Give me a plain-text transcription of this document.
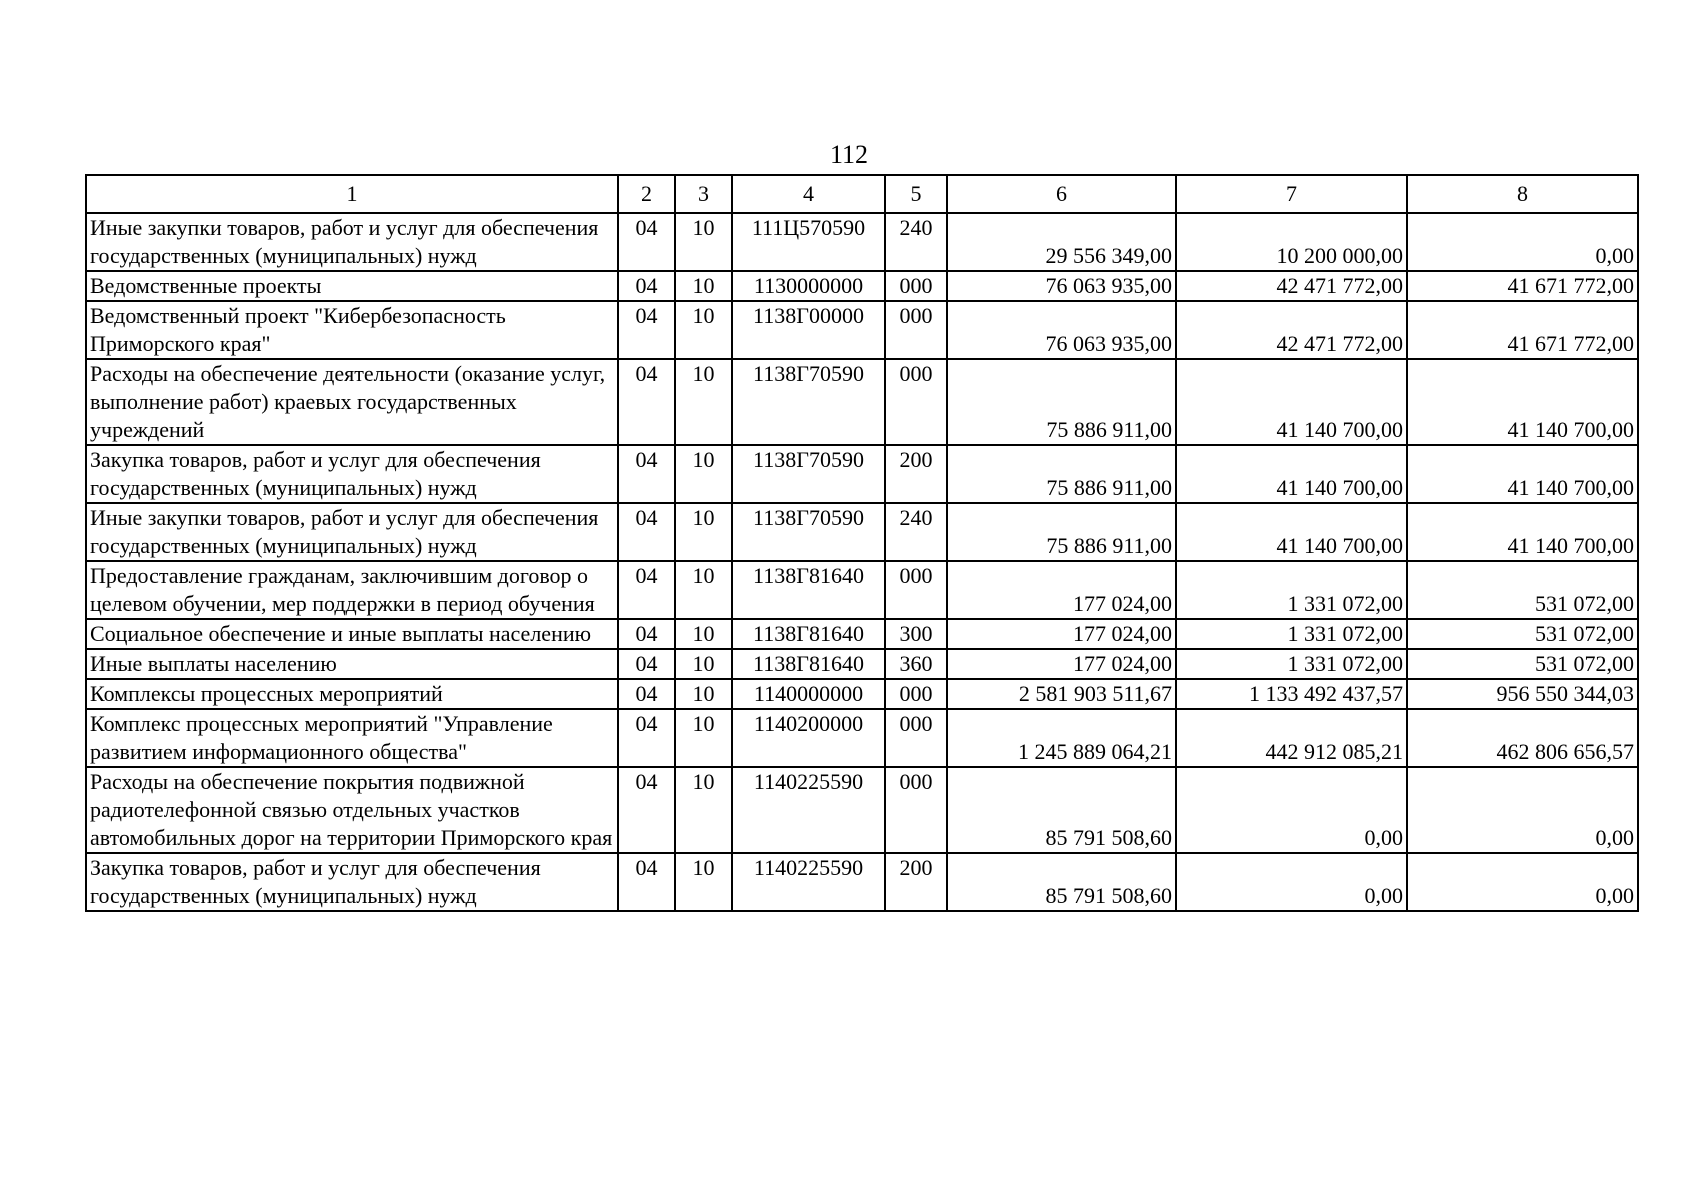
112
1	2	3	4	5	6	7	8
Иные закупки товаров, работ и услуг для обеспечения государственных (муниципальных) нужд	04	10	111Ц570590	240	29 556 349,00	10 200 000,00	0,00
Ведомственные проекты	04	10	1130000000	000	76 063 935,00	42 471 772,00	41 671 772,00
Ведомственный проект "Кибербезопасность Приморского края"	04	10	1138Г00000	000	76 063 935,00	42 471 772,00	41 671 772,00
Расходы на обеспечение деятельности (оказание услуг, выполнение работ) краевых государственных учреждений	04	10	1138Г70590	000	75 886 911,00	41 140 700,00	41 140 700,00
Закупка товаров, работ и услуг для обеспечения государственных (муниципальных) нужд	04	10	1138Г70590	200	75 886 911,00	41 140 700,00	41 140 700,00
Иные закупки товаров, работ и услуг для обеспечения государственных (муниципальных) нужд	04	10	1138Г70590	240	75 886 911,00	41 140 700,00	41 140 700,00
Предоставление гражданам, заключившим договор о целевом обучении, мер поддержки в период обучения	04	10	1138Г81640	000	177 024,00	1 331 072,00	531 072,00
Социальное обеспечение и иные выплаты населению	04	10	1138Г81640	300	177 024,00	1 331 072,00	531 072,00
Иные выплаты населению	04	10	1138Г81640	360	177 024,00	1 331 072,00	531 072,00
Комплексы процессных мероприятий	04	10	1140000000	000	2 581 903 511,67	1 133 492 437,57	956 550 344,03
Комплекс процессных мероприятий "Управление развитием информационного общества"	04	10	1140200000	000	1 245 889 064,21	442 912 085,21	462 806 656,57
Расходы на обеспечение покрытия подвижной радиотелефонной связью отдельных участков автомобильных дорог на территории Приморского края	04	10	1140225590	000	85 791 508,60	0,00	0,00
Закупка товаров, работ и услуг для обеспечения государственных (муниципальных) нужд	04	10	1140225590	200	85 791 508,60	0,00	0,00
